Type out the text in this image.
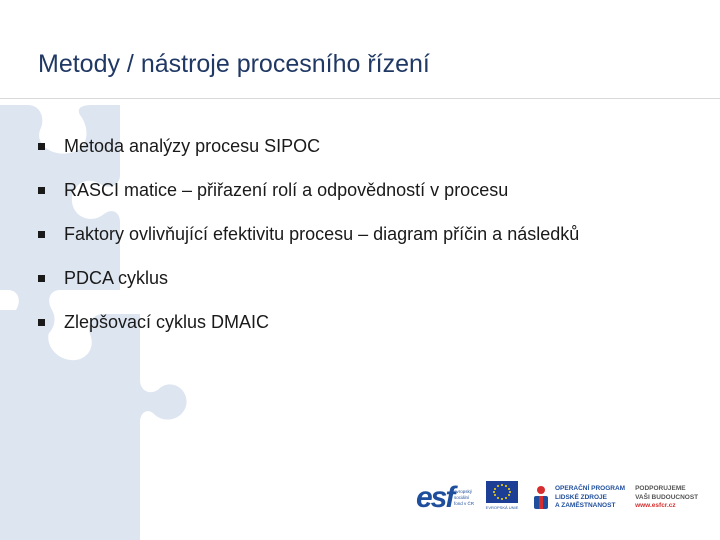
Metody / nástroje procesního řízení
Metoda analýzy procesu SIPOC
RASCI matice – přiřazení rolí a odpovědností v procesu
Faktory ovlivňující efektivitu procesu – diagram příčin a následků
PDCA cyklus
Zlepšovací cyklus DMAIC
esf evropský sociální fond v ČR
EVROPSKÁ UNIE
OPERAČNÍ PROGRAM
LIDSKÉ ZDROJE
A ZAMĚSTNANOST
PODPORUJEME
VAŠI BUDOUCNOST
www.esfcr.cz
